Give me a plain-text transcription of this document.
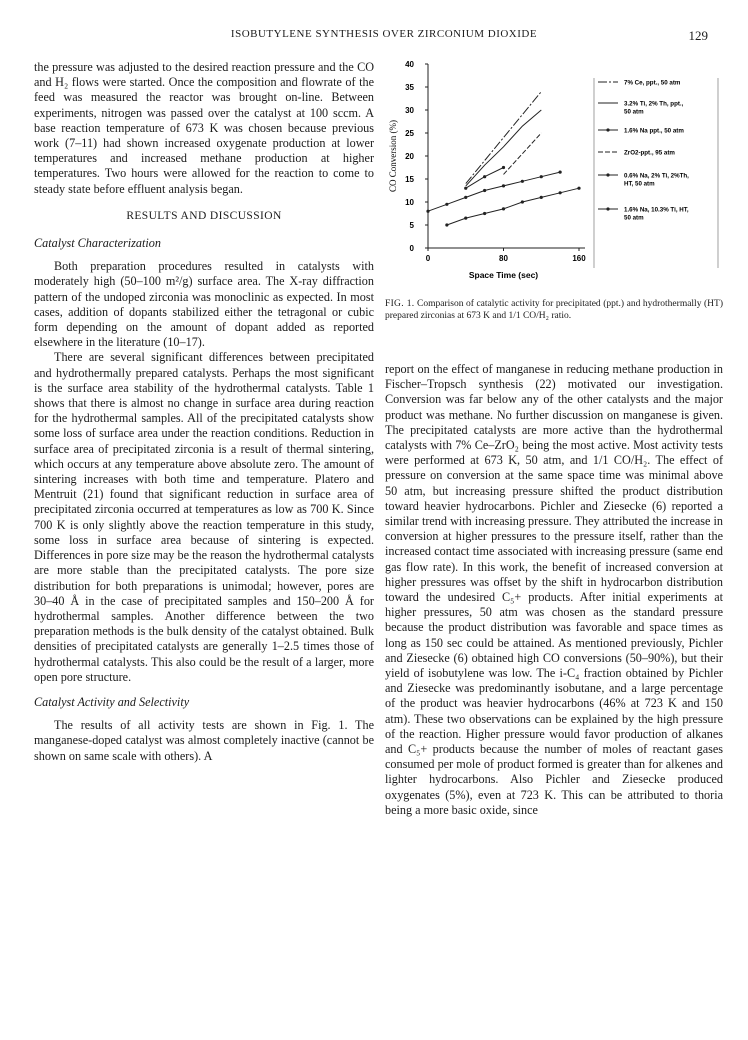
ISOBUTYLENE SYNTHESIS OVER ZIRCONIUM DIOXIDE	129

the pressure was adjusted to the desired reaction pressure and the CO and H₂ flows were started. Once the composition and flowrate of the feed was measured the reactor was brought on-line. Between experiments, nitrogen was passed over the catalyst at 100 sccm. A base reaction temperature of 673 K was chosen because previous work (7–11) had shown increased oxygenate production at lower temperatures and increased methane production at higher temperatures. Two hours were allowed for the reaction to come to steady state before effluent analysis began.

RESULTS AND DISCUSSION
Catalyst Characterization

Both preparation procedures resulted in catalysts with moderately high (50–100 m²/g) surface area. The X-ray diffraction pattern of the undoped zirconia was monoclinic as expected. In most cases, addition of dopants stabilized either the tetragonal or cubic form depending on the amount of dopant added as reported elsewhere in the literature (10–17).

There are several significant differences between precipitated and hydrothermally prepared catalysts. Perhaps the most significant is the surface area stability of the hydrothermal catalysts. Table 1 shows that there is almost no change in surface area during reaction for the hydrothermal samples. All of the precipitated catalysts show some loss of surface area under the reaction conditions. Reduction in surface area of precipitated zirconia is a result of thermal sintering, which occurs at any temperature above absolute zero. The amount of sintering increases with both time and temperature. Platero and Mentruit (21) found that significant reduction in surface area of precipitated zirconia occurred at temperatures as low as 700 K. Since 700 K is only slightly above the reaction temperature in this study, some loss in surface area because of sintering is expected. Differences in pore size may be the reason the hydrothermal catalysts are more stable than the precipitated catalysts. The pore size distribution for both preparations is unimodal; however, pores are 30–40 Å in the case of precipitated samples and 150–200 Å for hydrothermal samples. Another difference between the two preparation methods is the bulk density of the catalyst obtained. Bulk densities of precipitated catalysts are generally 1–2.5 times those of hydrothermal catalysts. This also could be the result of a larger, more open pore structure.

Catalyst Activity and Selectivity

The results of all activity tests are shown in Fig. 1. The manganese-doped catalyst was almost completely inactive (cannot be shown on same scale with others). A

0
5
10
15
20
25
30
35
40
0	80	160
Space Time (sec)
CO Conversion (%)
7% Ce, ppt., 50 atm
3.2% Ti, 2% Th, ppt., 50 atm
1.6% Na ppt., 50 atm
ZrO2-ppt., 95 atm
0.6% Na, 2% Ti, 2%Th, HT, 50 atm
1.6% Na, 10.3% Ti, HT, 50 atm
FIG. 1. Comparison of catalytic activity for precipitated (ppt.) and hydrothermally (HT) prepared zirconias at 673 K and 1/1 CO/H₂ ratio.

report on the effect of manganese in reducing methane production in Fischer–Tropsch synthesis (22) motivated our investigation. Conversion was far below any of the other catalysts and the major product was methane. No further discussion on manganese is given. The precipitated catalysts are more active than the hydrothermal catalysts with 7% Ce–ZrO₂ being the most active. Most activity tests were performed at 673 K, 50 atm, and 1/1 CO/H₂. The effect of pressure on conversion at the same space time was minimal above 50 atm, but increasing pressure shifted the product distribution toward heavier hydrocarbons. Pichler and Ziesecke (6) reported a similar trend with increasing pressure. They attributed the increase in conversion at higher pressures to the pressure itself, rather than the increased contact time associated with increasing pressure (same end gas flow rate). In this work, the benefit of increased conversion at higher pressures was offset by the shift in hydrocarbon distribution toward the undesired C₅+ products. After initial experiments at higher pressures, 50 atm was chosen as the standard pressure because the product distribution was favorable and space times as long as 150 sec could be attained. As mentioned previously, Pichler and Ziesecke (6) obtained high CO conversions (50–90%), but their yield of isobutylene was low. The i-C₄ fraction obtained by Pichler and Ziesecke was predominantly isobutane, and a large percentage of the product was heavier hydrocarbons (46% at 723 K and 150 atm). These two observations can be explained by the high pressure of the reaction. Higher pressure would favor production of alkanes and C₅+ products because the number of moles of reactant gases consumed per mole of product formed is greater than for alkenes and lighter hydrocarbons. Also Pichler and Ziesecke produced oxygenates (5%), even at 723 K. This can be attributed to thoria being a more basic oxide, since
